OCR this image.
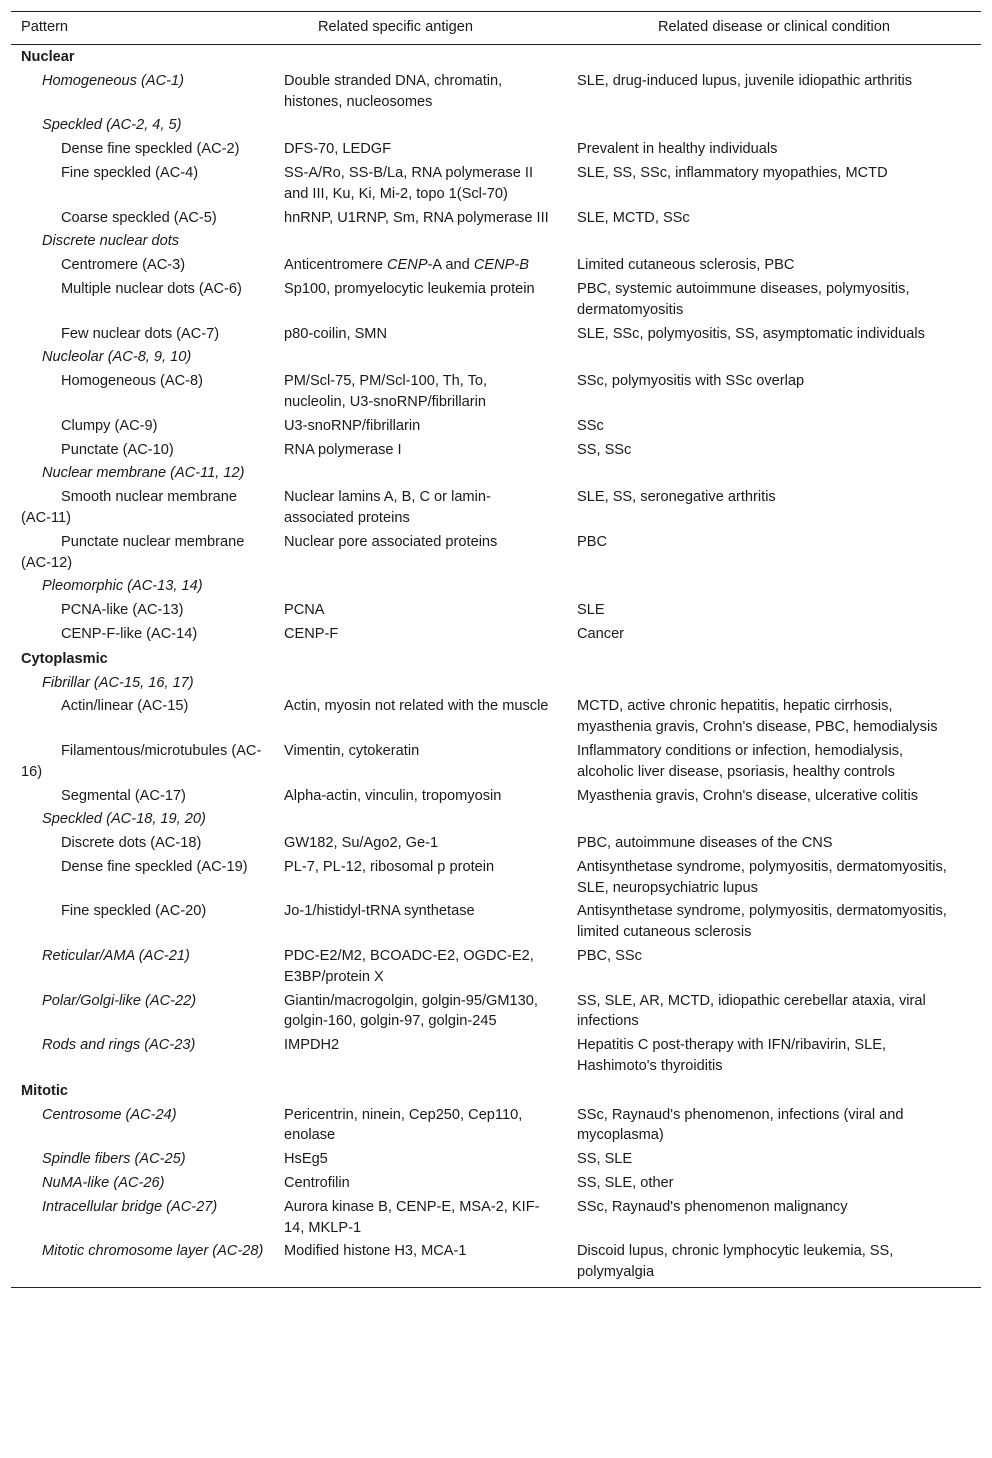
Pattern	Related specific antigen	Related disease or clinical condition
Nuclear		
Homogeneous (AC-1)	Double stranded DNA, chromatin, histones, nucleosomes	SLE, drug-induced lupus, juvenile idiopathic arthritis
Speckled (AC-2, 4, 5)		
Dense fine speckled (AC-2)	DFS-70, LEDGF	Prevalent in healthy individuals
Fine speckled (AC-4)	SS-A/Ro, SS-B/La, RNA polymerase II and III, Ku, Ki, Mi-2, topo 1(Scl-70)	SLE, SS, SSc, inflammatory myopathies, MCTD
Coarse speckled (AC-5)	hnRNP, U1RNP, Sm, RNA polymerase III	SLE, MCTD, SSc
Discrete nuclear dots		
Centromere (AC-3)	Anticentromere CENP-A and CENP-B	Limited cutaneous sclerosis, PBC
Multiple nuclear dots (AC-6)	Sp100, promyelocytic leukemia protein	PBC, systemic autoimmune diseases, polymyositis, dermatomyositis
Few nuclear dots (AC-7)	p80-coilin, SMN	SLE, SSc, polymyositis, SS, asymptomatic individuals
Nucleolar (AC-8, 9, 10)		
Homogeneous (AC-8)	PM/Scl-75, PM/Scl-100, Th, To, nucleolin, U3-snoRNP/fibrillarin	SSc, polymyositis with SSc overlap
Clumpy (AC-9)	U3-snoRNP/fibrillarin	SSc
Punctate (AC-10)	RNA polymerase I	SS, SSc
Nuclear membrane (AC-11, 12)		
Smooth nuclear membrane (AC-11)	Nuclear lamins A, B, C or lamin-associated proteins	SLE, SS, seronegative arthritis
Punctate nuclear membrane (AC-12)	Nuclear pore associated proteins	PBC
Pleomorphic (AC-13, 14)		
PCNA-like (AC-13)	PCNA	SLE
CENP-F-like (AC-14)	CENP-F	Cancer
Cytoplasmic		
Fibrillar (AC-15, 16, 17)		
Actin/linear (AC-15)	Actin, myosin not related with the muscle	MCTD, active chronic hepatitis, hepatic cirrhosis, myasthenia gravis, Crohn's disease, PBC, hemodialysis
Filamentous/microtubules (AC-16)	Vimentin, cytokeratin	Inflammatory conditions or infection, hemodialysis, alcoholic liver disease, psoriasis, healthy controls
Segmental (AC-17)	Alpha-actin, vinculin, tropomyosin	Myasthenia gravis, Crohn's disease, ulcerative colitis
Speckled (AC-18, 19, 20)		
Discrete dots (AC-18)	GW182, Su/Ago2, Ge-1	PBC, autoimmune diseases of the CNS
Dense fine speckled (AC-19)	PL-7, PL-12, ribosomal p protein	Antisynthetase syndrome, polymyositis, dermatomyositis, SLE, neuropsychiatric lupus
Fine speckled (AC-20)	Jo-1/histidyl-tRNA synthetase	Antisynthetase syndrome, polymyositis, dermatomyositis, limited cutaneous sclerosis
Reticular/AMA (AC-21)	PDC-E2/M2, BCOADC-E2, OGDC-E2, E3BP/protein X	PBC, SSc
Polar/Golgi-like (AC-22)	Giantin/macrogolgin, golgin-95/GM130, golgin-160, golgin-97, golgin-245	SS, SLE, AR, MCTD, idiopathic cerebellar ataxia, viral infections
Rods and rings (AC-23)	IMPDH2	Hepatitis C post-therapy with IFN/ribavirin, SLE, Hashimoto's thyroiditis
Mitotic		
Centrosome (AC-24)	Pericentrin, ninein, Cep250, Cep110, enolase	SSc, Raynaud's phenomenon, infections (viral and mycoplasma)
Spindle fibers (AC-25)	HsEg5	SS, SLE
NuMA-like (AC-26)	Centrofilin	SS, SLE, other
Intracellular bridge (AC-27)	Aurora kinase B, CENP-E, MSA-2, KIF-14, MKLP-1	SSc, Raynaud's phenomenon malignancy
Mitotic chromosome layer (AC-28)	Modified histone H3, MCA-1	Discoid lupus, chronic lymphocytic leukemia, SS, polymyalgia
